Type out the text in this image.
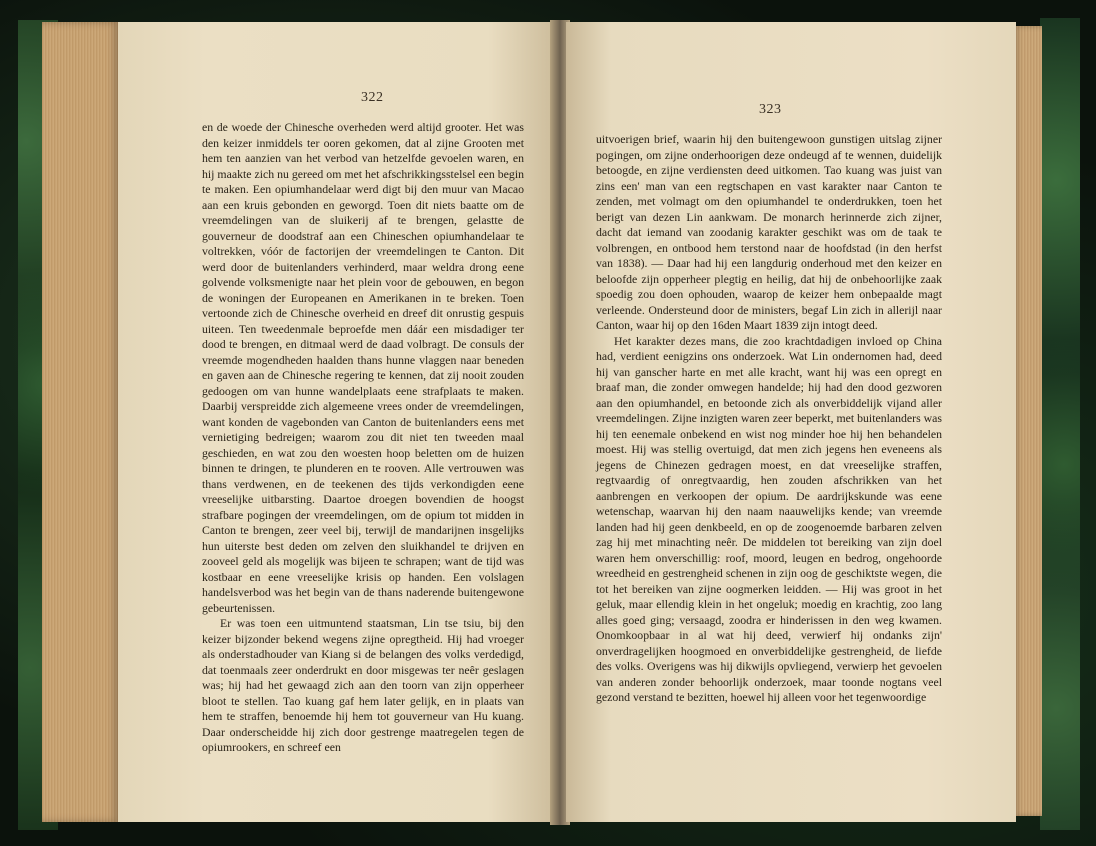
322

en de woede der Chinesche overheden werd altijd grooter. Het was den keizer inmiddels ter ooren gekomen, dat al zijne Grooten met hem ten aanzien van het verbod van hetzelfde gevoelen waren, en hij maakte zich nu gereed om met het afschrikkingsstelsel een begin te maken. Een opiumhandelaar werd digt bij den muur van Macao aan een kruis gebonden en geworgd. Toen dit niets baatte om de vreemdelingen van de sluikerij af te brengen, gelastte de gouverneur de doodstraf aan een Chineschen opiumhandelaar te voltrekken, vóór de factorijen der vreemdelingen te Canton. Dit werd door de buitenlanders verhinderd, maar weldra drong eene golvende volksmenigte naar het plein voor de gebouwen, en begon de woningen der Europeanen en Amerikanen in te breken. Toen vertoonde zich de Chinesche overheid en dreef dit onrustig gespuis uiteen. Ten tweedenmale beproefde men dáár een misdadiger ter dood te brengen, en ditmaal werd de daad volbragt. De consuls der vreemde mogendheden haalden thans hunne vlaggen naar beneden en gaven aan de Chinesche regering te kennen, dat zij nooit zouden gedoogen om van hunne wandelplaats eene strafplaats te maken. Daarbij verspreidde zich algemeene vrees onder de vreemdelingen, want konden de vagebonden van Canton de buitenlanders eens met vernietiging bedreigen; waarom zou dit niet ten tweeden maal geschieden, en wat zou den woesten hoop beletten om de huizen binnen te dringen, te plunderen en te rooven. Alle vertrouwen was thans verdwenen, en de teekenen des tijds verkondigden eene vreeselijke uitbarsting. Daartoe droegen bovendien de hoogst strafbare pogingen der vreemdelingen, om de opium tot midden in Canton te brengen, zeer veel bij, terwijl de mandarijnen insgelijks hun uiterste best deden om zelven den sluikhandel te drijven en zooveel geld als mogelijk was bijeen te schrapen; want de tijd was kostbaar en eene vreeselijke krisis op handen. Een volslagen handelsverbod was het begin van de thans naderende buitengewone gebeurtenissen.

Er was toen een uitmuntend staatsman, Lin tse tsiu, bij den keizer bijzonder bekend wegens zijne opregtheid. Hij had vroeger als onderstadhouder van Kiang si de belangen des volks verdedigd, dat toenmaals zeer onderdrukt en door misgewas ter neêr geslagen was; hij had het gewaagd zich aan den toorn van zijn opperheer bloot te stellen. Tao kuang gaf hem later gelijk, en in plaats van hem te straffen, benoemde hij hem tot gouverneur van Hu kuang. Daar onderscheidde hij zich door gestrenge maatregelen tegen de opiumrookers, en schreef een

323

uitvoerigen brief, waarin hij den buitengewoon gunstigen uitslag zijner pogingen, om zijne onderhoorigen deze ondeugd af te wennen, duidelijk betoogde, en zijne verdiensten deed uitkomen. Tao kuang was juist van zins een' man van een regtschapen en vast karakter naar Canton te zenden, met volmagt om den opiumhandel te onderdrukken, toen het berigt van dezen Lin aankwam. De monarch herinnerde zich zijner, dacht dat iemand van zoodanig karakter geschikt was om de taak te volbrengen, en ontbood hem terstond naar de hoofdstad (in den herfst van 1838). — Daar had hij een langdurig onderhoud met den keizer en beloofde zijn opperheer plegtig en heilig, dat hij de onbehoorlijke zaak spoedig zou doen ophouden, waarop de keizer hem onbepaalde magt verleende. Ondersteund door de ministers, begaf Lin zich in allerijl naar Canton, waar hij op den 16den Maart 1839 zijn intogt deed.

Het karakter dezes mans, die zoo krachtdadigen invloed op China had, verdient eenigzins ons onderzoek. Wat Lin ondernomen had, deed hij van ganscher harte en met alle kracht, want hij was een opregt en braaf man, die zonder omwegen handelde; hij had den dood gezworen aan den opiumhandel, en betoonde zich als onverbiddelijk vijand aller vreemdelingen. Zijne inzigten waren zeer beperkt, met buitenlanders was hij ten eenemale onbekend en wist nog minder hoe hij hen behandelen moest. Hij was stellig overtuigd, dat men zich jegens hen eveneens als jegens de Chinezen gedragen moest, en dat vreeselijke straffen, regtvaardig of onregtvaardig, hen zouden afschrikken van het aanbrengen en verkoopen der opium. De aardrijkskunde was eene wetenschap, waarvan hij den naam naauwelijks kende; van vreemde landen had hij geen denkbeeld, en op de zoogenoemde barbaren zelven zag hij met minachting neêr. De middelen tot bereiking van zijn doel waren hem onverschillig: roof, moord, leugen en bedrog, ongehoorde wreedheid en gestrengheid schenen in zijn oog de geschiktste wegen, die tot het bereiken van zijne oogmerken leidden. — Hij was groot in het geluk, maar ellendig klein in het ongeluk; moedig en krachtig, zoo lang alles goed ging; versaagd, zoodra er hinderissen in den weg kwamen. Onomkoopbaar in al wat hij deed, verwierf hij ondanks zijn' onverdragelijken hoogmoed en onverbiddelijke gestrengheid, de liefde des volks. Overigens was hij dikwijls opvliegend, verwierp het gevoelen van anderen zonder behoorlijk onderzoek, maar toonde nogtans veel gezond verstand te bezitten, hoewel hij alleen voor het tegenwoordige
